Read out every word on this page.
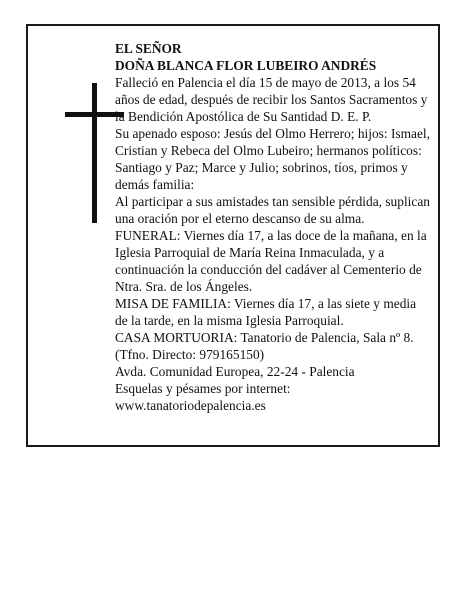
EL SEÑOR

DOÑA BLANCA FLOR LUBEIRO ANDRÉS

Falleció en Palencia el día 15 de mayo de 2013, a los 54 años de edad, después de recibir los Santos Sacramentos y la Bendición Apostólica de Su Santidad D. E. P.

Su apenado esposo: Jesús del Olmo Herrero; hijos: Ismael, Cristian y Rebeca del Olmo Lubeiro; hermanos políticos: Santiago y Paz; Marce y Julio; sobrinos, tíos, primos y demás familia:

Al participar a sus amistades tan sensible pérdida, suplican una oración por el eterno descanso de su alma.

FUNERAL: Viernes día 17, a las doce de la mañana, en la Iglesia Parroquial de María Reina Inmaculada, y a continuación la conducción del cadáver al Cementerio de Ntra. Sra. de los Ángeles.

MISA DE FAMILIA: Viernes día 17, a las siete y media de la tarde, en la misma Iglesia Parroquial.

CASA MORTUORIA: Tanatorio de Palencia, Sala nº 8. (Tfno. Directo: 979165150)

Avda. Comunidad Europea, 22-24 - Palencia

Esquelas y pésames por internet:

www.tanatoriodepalencia.es
